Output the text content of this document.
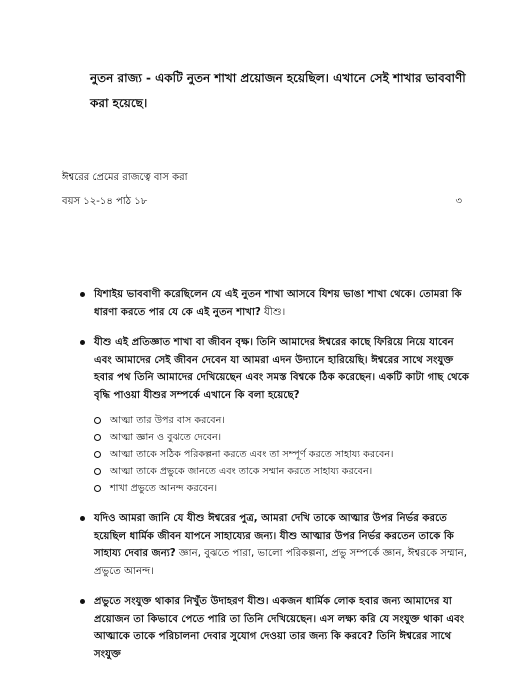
নুতন রাজ্য - একটি নুতন শাখা প্রয়োজন হয়েছিল। এখানে সেই শাখার ভাববাণী করা হয়েছে।
ঈশ্বরের প্রেমের রাজত্বে বাস করা
বয়স ১২-১৪ পাঠ ১৮	৩
যিশাইয় ভাববাণী করেছিলেন যে এই নুতন শাখা আসবে যিশয় ভাঙা শাখা থেকে। তোমরা কি ধারণা করতে পার যে কে এই নুতন শাখা? যীশু।
যীশু এই প্রতিজ্ঞাত শাখা বা জীবন বৃক্ষ। তিনি আমাদের ঈশ্বরের কাছে ফিরিয়ে নিয়ে যাবেন এবং আমাদের সেই জীবন দেবেন যা আমরা এদন উদ্যানে হারিয়েছি। ঈশ্বরের সাথে সংযুক্ত হবার পথ তিনি আমাদের দেখিয়েছেন এবং সমস্ত বিশ্বকে ঠিক করেছেন। একটি কাটা গাছ থেকে বৃদ্ধি পাওয়া যীশুর সম্পর্কে এখানে কি বলা হয়েছে?
আত্মা তার উপর বাস করবেন।
আত্মা জ্ঞান ও বুঝতে দেবেন।
আত্মা তাকে সঠিক পরিকল্পনা করতে এবং তা সম্পূর্ণ করতে সাহায্য করবেন।
আত্মা তাকে প্রভুকে জানতে এবং তাকে সম্মান করতে সাহায্য করবেন।
শাখা প্রভুতে আনন্দ করবেন।
যদিও আমরা জানি যে যীশু ঈশ্বরের পুত্র, আমরা দেখি তাকে আত্মার উপর নির্ভর করতে হয়েছিল ধার্মিক জীবন যাপনে সাহায্যের জন্য। যীশু আত্মার উপর নির্ভর করতেন তাকে কি সাহায্য দেবার জন্য? জ্ঞান, বুঝতে পারা, ভালো পরিকল্পনা, প্রভু সম্পর্কে জ্ঞান, ঈশ্বরকে সম্মান, প্রভুতে আনন্দ।
প্রভুতে সংযুক্ত থাকার নিখুঁত উদাহরণ যীশু। একজন ধার্মিক লোক হবার জন্য আমাদের যা প্রয়োজন তা কিভাবে পেতে পারি তা তিনি দেখিয়েছেন। এস লক্ষ্য করি যে সংযুক্ত থাকা এবং আত্মাকে তাকে পরিচালনা দেবার সুযোগ দেওয়া তার জন্য কি করবে? তিনি ঈশ্বরের সাথে সংযুক্ত
